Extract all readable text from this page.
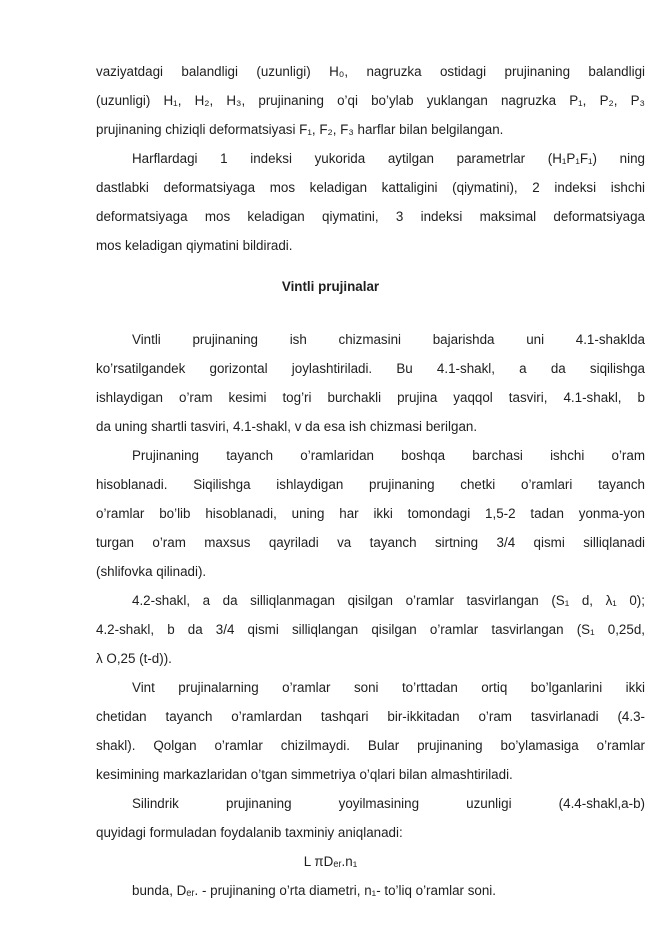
vaziyatdagi balandligi (uzunligi) H₀, nagruzka ostidagi prujinaning balandligi
(uzunligi) H₁, H₂, H₃, prujinaning o’qi bo’ylab yuklangan nagruzka P₁, P₂, P₃
prujinaning chiziqli deformatsiyasi F₁, F₂, F₃ harflar bilan belgilangan.
Harflardagi 1 indeksi yukorida aytilgan parametrlar (H₁P₁F₁) ning
dastlabki deformatsiyaga mos keladigan kattaligini (qiymatini), 2 indeksi ishchi
deformatsiyaga mos keladigan qiymatini, 3 indeksi maksimal deformatsiyaga
mos keladigan qiymatini bildiradi.
Vintli prujinalar
Vintli prujinaning ish chizmasini bajarishda uni 4.1-shaklda
ko’rsatilgandek gorizontal joylashtiriladi. Bu 4.1-shakl, a da siqilishga
ishlaydigan o’ram kesimi tog’ri burchakli prujina yaqqol tasviri, 4.1-shakl, b
da uning shartli tasviri, 4.1-shakl, v da esa ish chizmasi berilgan.
Prujinaning tayanch o’ramlaridan boshqa barchasi ishchi o’ram
hisoblanadi. Siqilishga ishlaydigan prujinaning chetki o’ramlari tayanch
o’ramlar bo’lib hisoblanadi, uning har ikki tomondagi 1,5-2 tadan yonma-yon
turgan o’ram maxsus qayriladi va tayanch sirtning 3/4 qismi silliqlanadi
(shlifovka qilinadi).
4.2-shakl, a da silliqlanmagan qisilgan o’ramlar tasvirlangan (S₁ d, λ₁ 0);
4.2-shakl, b da 3/4 qismi silliqlangan qisilgan o’ramlar tasvirlangan (S₁ 0,25d,
λ O,25 (t-d)).
Vint prujinalarning o’ramlar soni to’rttadan ortiq bo’lganlarini ikki
chetidan tayanch o’ramlardan tashqari bir-ikkitadan o’ram tasvirlanadi (4.3-
shakl). Qolgan o’ramlar chizilmaydi. Bular prujinaning bo’ylamasiga o’ramlar
kesimining markazlaridan o’tgan simmetriya o’qlari bilan almashtiriladi.
Silindrik prujinaning yoyilmasining uzunligi (4.4-shakl,a-b)
quyidagi formuladan foydalanib taxminiy aniqlanadi:
L πDₑᵣ.n₁
bunda, Dₑᵣ. - prujinaning o’rta diametri, n₁- to’liq o’ramlar soni.
